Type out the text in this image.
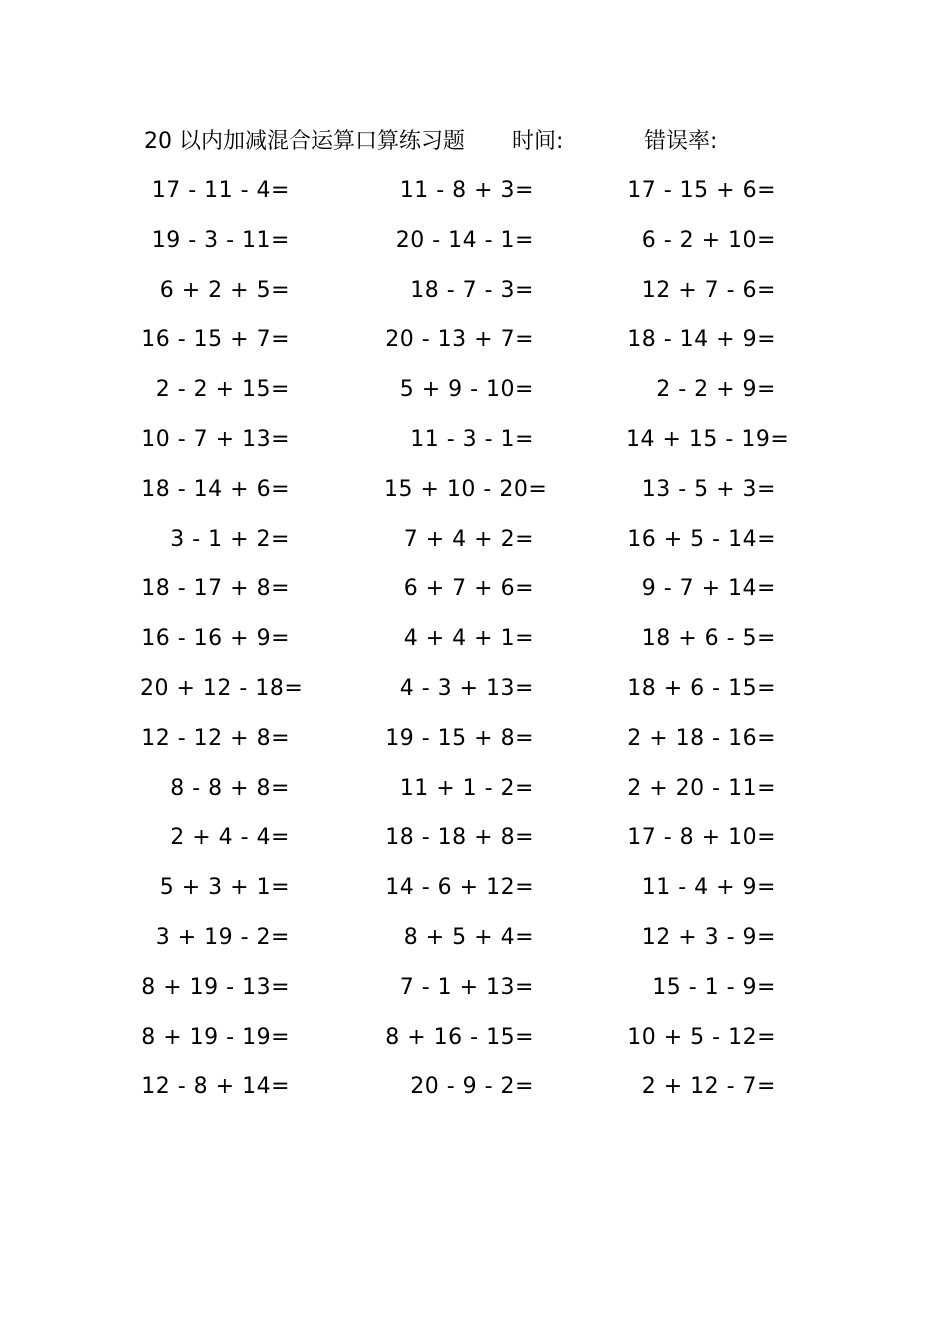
20 以内加减混合运算口算练习题 时间:	错误率:
17 - 11 - 4=	11 - 8 + 3=	17 - 15 + 6=
19 - 3 - 11=	20 - 14 - 1=	6 - 2 + 10=
6 + 2 + 5=	18 - 7 - 3=	12 + 7 - 6=
16 - 15 + 7=	20 - 13 + 7=	18 - 14 + 9=
2 - 2 + 15=	5 + 9 - 10=	2 - 2 + 9=
10 - 7 + 13=	11 - 3 - 1=	14 + 15 - 19=
18 - 14 + 6=	15 + 10 - 20=	13 - 5 + 3=
3 - 1 + 2=	7 + 4 + 2=	16 + 5 - 14=
18 - 17 + 8=	6 + 7 + 6=	9 - 7 + 14=
16 - 16 + 9=	4 + 4 + 1=	18 + 6 - 5=
20 + 12 - 18=	4 - 3 + 13=	18 + 6 - 15=
12 - 12 + 8=	19 - 15 + 8=	2 + 18 - 16=
8 - 8 + 8=	11 + 1 - 2=	2 + 20 - 11=
2 + 4 - 4=	18 - 18 + 8=	17 - 8 + 10=
5 + 3 + 1=	14 - 6 + 12=	11 - 4 + 9=
3 + 19 - 2=	8 + 5 + 4=	12 + 3 - 9=
8 + 19 - 13=	7 - 1 + 13=	15 - 1 - 9=
8 + 19 - 19=	8 + 16 - 15=	10 + 5 - 12=
12 - 8 + 14=	20 - 9 - 2=	2 + 12 - 7=
